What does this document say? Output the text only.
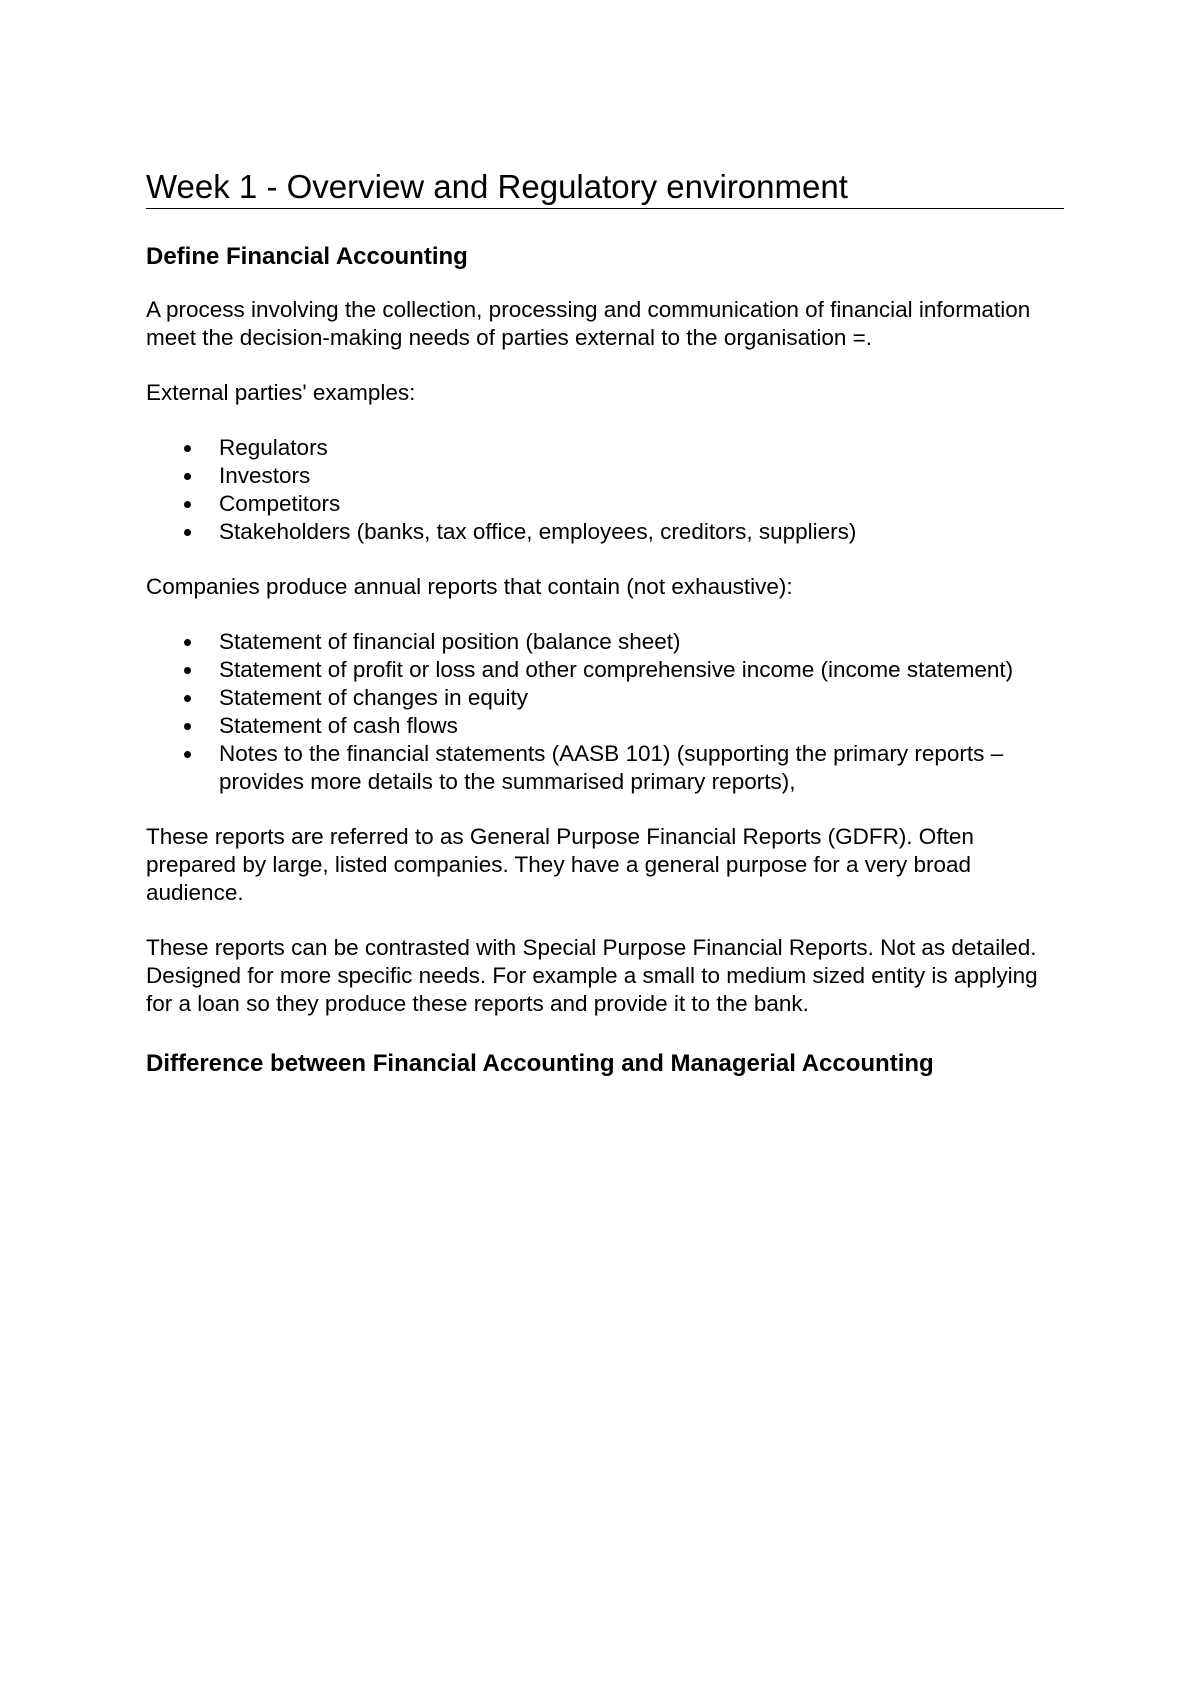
Week 1 - Overview and Regulatory environment
Define Financial Accounting

A process involving the collection, processing and communication of financial information meet the decision-making needs of parties external to the organisation =.

External parties' examples:

Regulators
Investors
Competitors
Stakeholders (banks, tax office, employees, creditors, suppliers)

Companies produce annual reports that contain (not exhaustive):

Statement of financial position (balance sheet)
Statement of profit or loss and other comprehensive income (income statement)
Statement of changes in equity
Statement of cash flows
Notes to the financial statements (AASB 101) (supporting the primary reports – provides more details to the summarised primary reports),

These reports are referred to as General Purpose Financial Reports (GDFR). Often prepared by large, listed companies. They have a general purpose for a very broad audience.

These reports can be contrasted with Special Purpose Financial Reports. Not as detailed. Designed for more specific needs. For example a small to medium sized entity is applying for a loan so they produce these reports and provide it to the bank.

Difference between Financial Accounting and Managerial Accounting
